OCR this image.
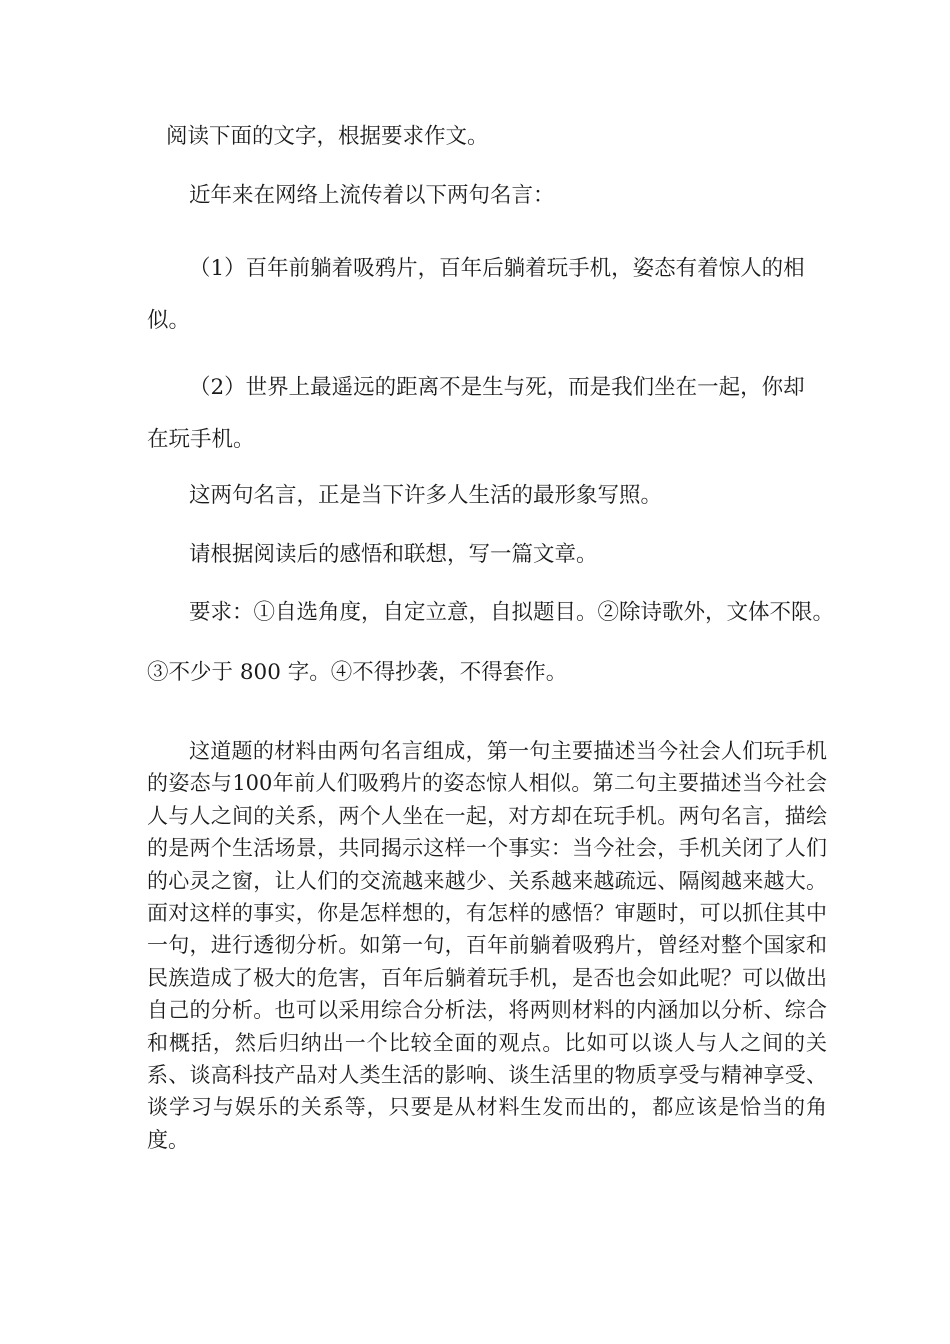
阅读下面的文字，根据要求作文。

近年来在网络上流传着以下两句名言：

（1）百年前躺着吸鸦片，百年后躺着玩手机，姿态有着惊人的相

似。

（2）世界上最遥远的距离不是生与死，而是我们坐在一起，你却

在玩手机。

这两句名言，正是当下许多人生活的最形象写照。

请根据阅读后的感悟和联想，写一篇文章。

要求：①自选角度，自定立意，自拟题目。②除诗歌外，文体不限。

③不少于 800 字。④不得抄袭，不得套作。

这道题的材料由两句名言组成，第一句主要描述当今社会人们玩手机的姿态与100年前人们吸鸦片的姿态惊人相似。第二句主要描述当今社会人与人之间的关系，两个人坐在一起，对方却在玩手机。两句名言，描绘的是两个生活场景，共同揭示这样一个事实：当今社会，手机关闭了人们的心灵之窗，让人们的交流越来越少、关系越来越疏远、隔阂越来越大。面对这样的事实，你是怎样想的，有怎样的感悟？审题时，可以抓住其中一句，进行透彻分析。如第一句，百年前躺着吸鸦片，曾经对整个国家和民族造成了极大的危害，百年后躺着玩手机，是否也会如此呢？可以做出自己的分析。也可以采用综合分析法，将两则材料的内涵加以分析、综合和概括，然后归纳出一个比较全面的观点。比如可以谈人与人之间的关系、谈高科技产品对人类生活的影响、谈生活里的物质享受与精神享受、谈学习与娱乐的关系等，只要是从材料生发而出的，都应该是恰当的角度。
